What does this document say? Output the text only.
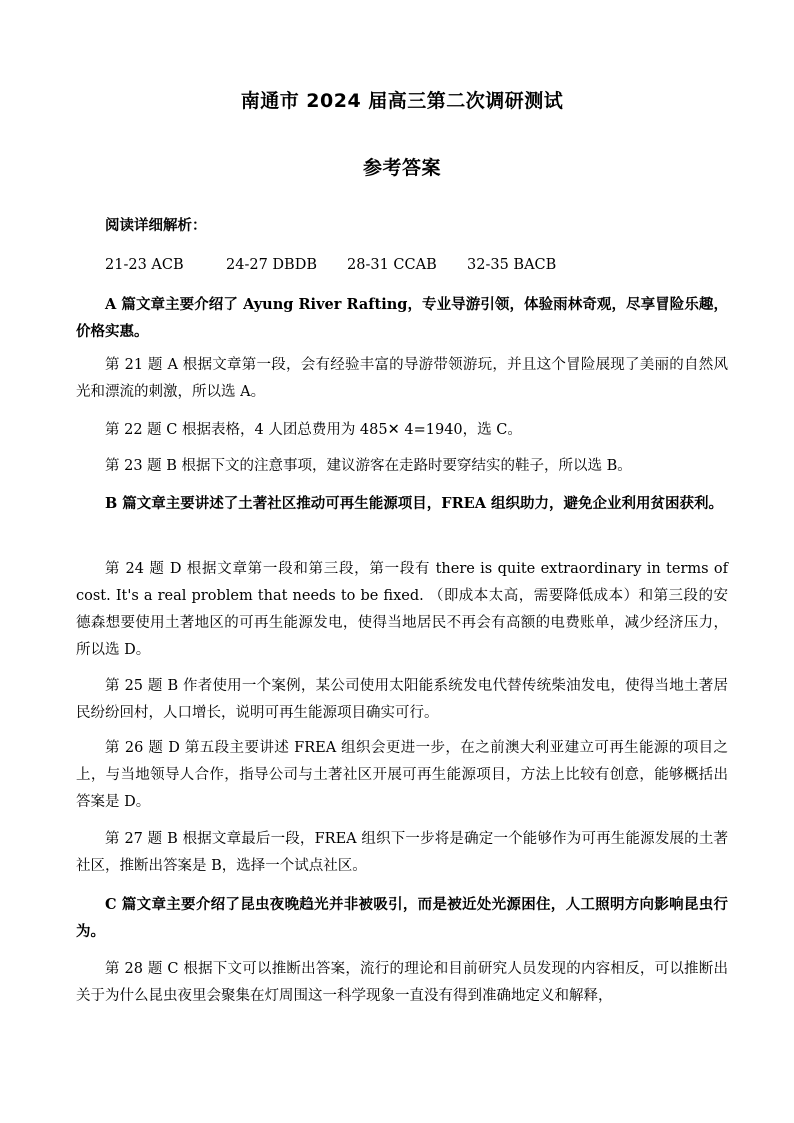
南通市 2024 届高三第二次调研测试
参考答案

阅读详细解析：

21-23 ACB	24-27 DBDB 28-31 CCAB 32-35 BACB

A 篇文章主要介绍了 Ayung River Rafting，专业导游引领，体验雨林奇观，尽享冒险乐趣，价格实惠。

第 21 题 A 根据文章第一段，会有经验丰富的导游带领游玩，并且这个冒险展现了美丽的自然风光和漂流的刺激，所以选 A。

第 22 题 C 根据表格，4 人团总费用为 485✕ 4=1940，选 C。

第 23 题 B 根据下文的注意事项，建议游客在走路时要穿结实的鞋子，所以选 B。

B 篇文章主要讲述了土著社区推动可再生能源项目，FREA 组织助力，避免企业利用贫困获利。

第 24 题 D 根据文章第一段和第三段，第一段有 there is quite extraordinary in terms of cost. It's a real problem that needs to be fixed. （即成本太高，需要降低成本）和第三段的安德森想要使用土著地区的可再生能源发电，使得当地居民不再会有高额的电费账单，减少经济压力，所以选 D。

第 25 题 B 作者使用一个案例，某公司使用太阳能系统发电代替传统柴油发电，使得当地土著居民纷纷回村，人口增长，说明可再生能源项目确实可行。

第 26 题 D 第五段主要讲述 FREA 组织会更进一步，在之前澳大利亚建立可再生能源的项目之上，与当地领导人合作，指导公司与土著社区开展可再生能源项目，方法上比较有创意，能够概括出答案是 D。

第 27 题 B 根据文章最后一段，FREA 组织下一步将是确定一个能够作为可再生能源发展的土著社区，推断出答案是 B，选择一个试点社区。

C 篇文章主要介绍了昆虫夜晚趋光并非被吸引，而是被近处光源困住，人工照明方向影响昆虫行为。

第 28 题 C 根据下文可以推断出答案，流行的理论和目前研究人员发现的内容相反，可以推断出关于为什么昆虫夜里会聚集在灯周围这一科学现象一直没有得到准确地定义和解释，
